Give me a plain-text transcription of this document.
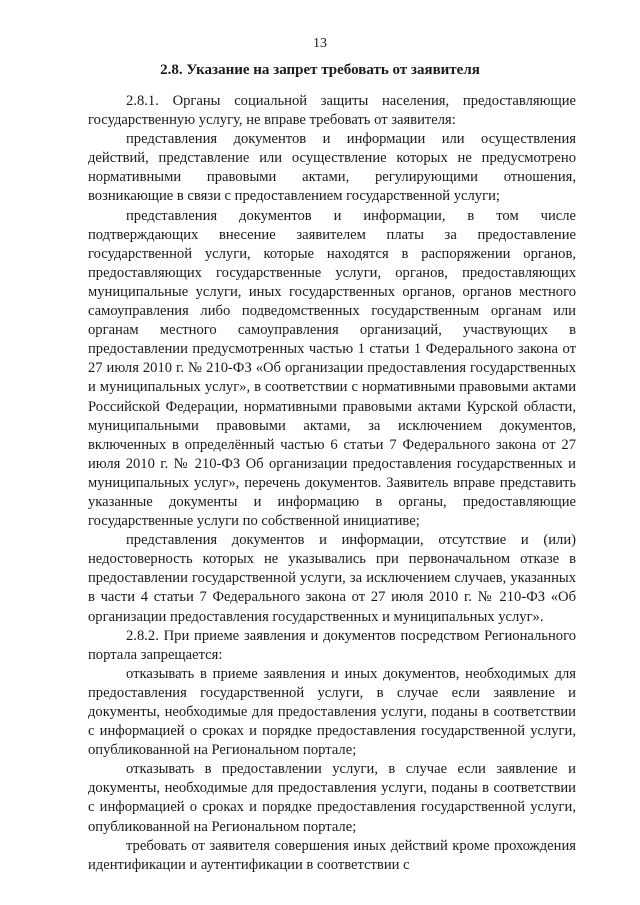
13
2.8. Указание на запрет требовать от заявителя

2.8.1. Органы социальной защиты населения, предоставляющие государственную услугу, не вправе требовать от заявителя:

представления документов и информации или осуществления действий, представление или осуществление которых не предусмотрено нормативными правовыми актами, регулирующими отношения, возникающие в связи с предоставлением государственной услуги;

представления документов и информации, в том числе подтверждающих внесение заявителем платы за предоставление государственной услуги, которые находятся в распоряжении органов, предоставляющих государственные услуги, органов, предоставляющих муниципальные услуги, иных государственных органов, органов местного самоуправления либо подведомственных государственным органам или органам местного самоуправления организаций, участвующих в предоставлении предусмотренных частью 1 статьи 1 Федерального закона от 27 июля 2010 г. № 210-ФЗ «Об организации предоставления государственных и муниципальных услуг», в соответствии с нормативными правовыми актами Российской Федерации, нормативными правовыми актами Курской области, муниципальными правовыми актами, за исключением документов, включенных в определённый частью 6 статьи 7 Федерального закона от 27 июля 2010 г. № 210-ФЗ Об организации предоставления государственных и муниципальных услуг», перечень документов. Заявитель вправе представить указанные документы и информацию в органы, предоставляющие государственные услуги по собственной инициативе;

представления документов и информации, отсутствие и (или) недостоверность которых не указывались при первоначальном отказе в предоставлении государственной услуги, за исключением случаев, указанных в части 4 статьи 7 Федерального закона от 27 июля 2010 г. № 210-ФЗ «Об организации предоставления государственных и муниципальных услуг».

2.8.2. При приеме заявления и документов посредством Регионального портала запрещается:

отказывать в приеме заявления и иных документов, необходимых для предоставления государственной услуги, в случае если заявление и документы, необходимые для предоставления услуги, поданы в соответствии с информацией о сроках и порядке предоставления государственной услуги, опубликованной на Региональном портале;

отказывать в предоставлении услуги, в случае если заявление и документы, необходимые для предоставления услуги, поданы в соответствии с информацией о сроках и порядке предоставления государственной услуги, опубликованной на Региональном портале;

требовать от заявителя совершения иных действий кроме прохождения идентификации и аутентификации в соответствии с
